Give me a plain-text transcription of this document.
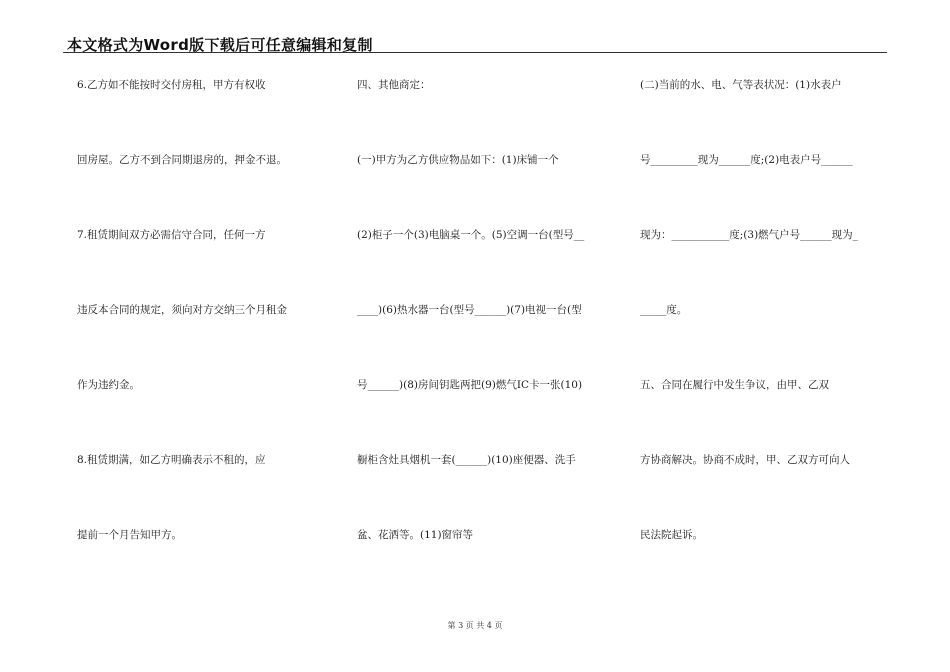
本文格式为Word版下载后可任意编辑和复制
6.乙方如不能按时交付房租，甲方有权收
回房屋。乙方不到合同期退房的，押金不退。
7.租赁期间双方必需信守合同，任何一方
违反本合同的规定，须向对方交纳三个月租金
作为违约金。
8.租赁期满，如乙方明确表示不租的，应
提前一个月告知甲方。
四、其他商定：
(一)甲方为乙方供应物品如下：(1)床铺一个
(2)柜子一个(3)电脑桌一个。(5)空调一台(型号__
____)(6)热水器一台(型号______)(7)电视一台(型
号______)(8)房间钥匙两把(9)燃气IC卡一张(10)
橱柜含灶具烟机一套(______)(10)座便器、洗手
盆、花洒等。(11)窗帘等
(二)当前的水、电、气等表状况：(1)水表户
号_________现为______度;(2)电表户号______
现为：___________度;(3)燃气户号______现为_
_____度。
五、合同在履行中发生争议，由甲、乙双
方协商解决。协商不成时，甲、乙双方可向人
民法院起诉。
第 3 页 共 4 页
